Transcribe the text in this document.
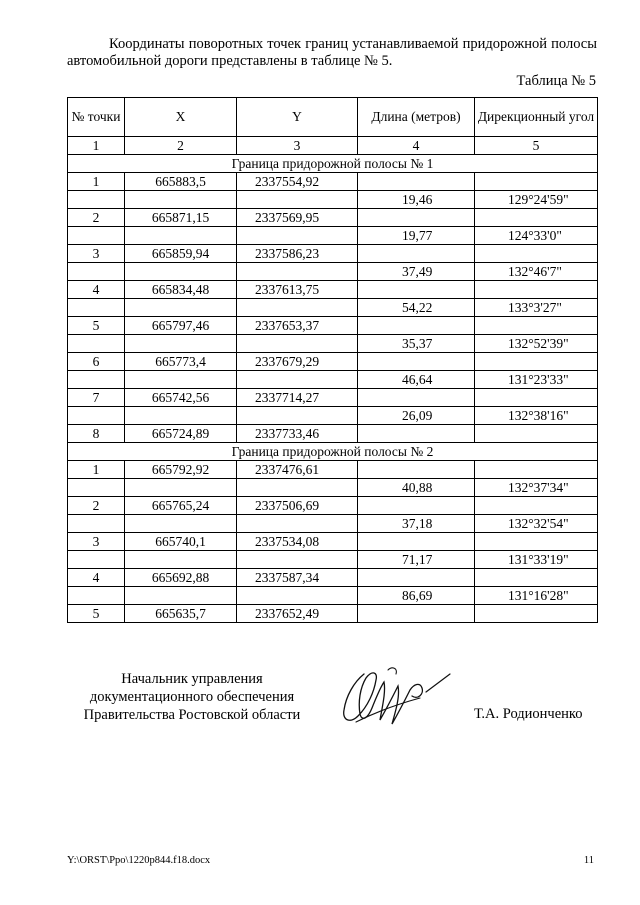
Координаты поворотных точек границ устанавливаемой придорожной полосы автомобильной дороги представлены в таблице № 5.

Таблица № 5

№ точки	X	Y	Длина (метров)	Дирекционный угол
1	2	3	4	5
Граница придорожной полосы № 1				
1	665883,5	2337554,92		
			19,46	129°24'59"
2	665871,15	2337569,95		
			19,77	124°33'0"
3	665859,94	2337586,23		
			37,49	132°46'7"
4	665834,48	2337613,75		
			54,22	133°3'27"
5	665797,46	2337653,37		
			35,37	132°52'39"
6	665773,4	2337679,29		
			46,64	131°23'33"
7	665742,56	2337714,27		
			26,09	132°38'16"
8	665724,89	2337733,46		
Граница придорожной полосы № 2				
1	665792,92	2337476,61		
			40,88	132°37'34"
2	665765,24	2337506,69		
			37,18	132°32'54"
3	665740,1	2337534,08		
			71,17	131°33'19"
4	665692,88	2337587,34		
			86,69	131°16'28"
5	665635,7	2337652,49		
Начальник управления
документационного обеспечения
Правительства Ростовской области	Т.А. Родионченко
Y:\ORST\Ppo\1220p844.f18.docx	11
